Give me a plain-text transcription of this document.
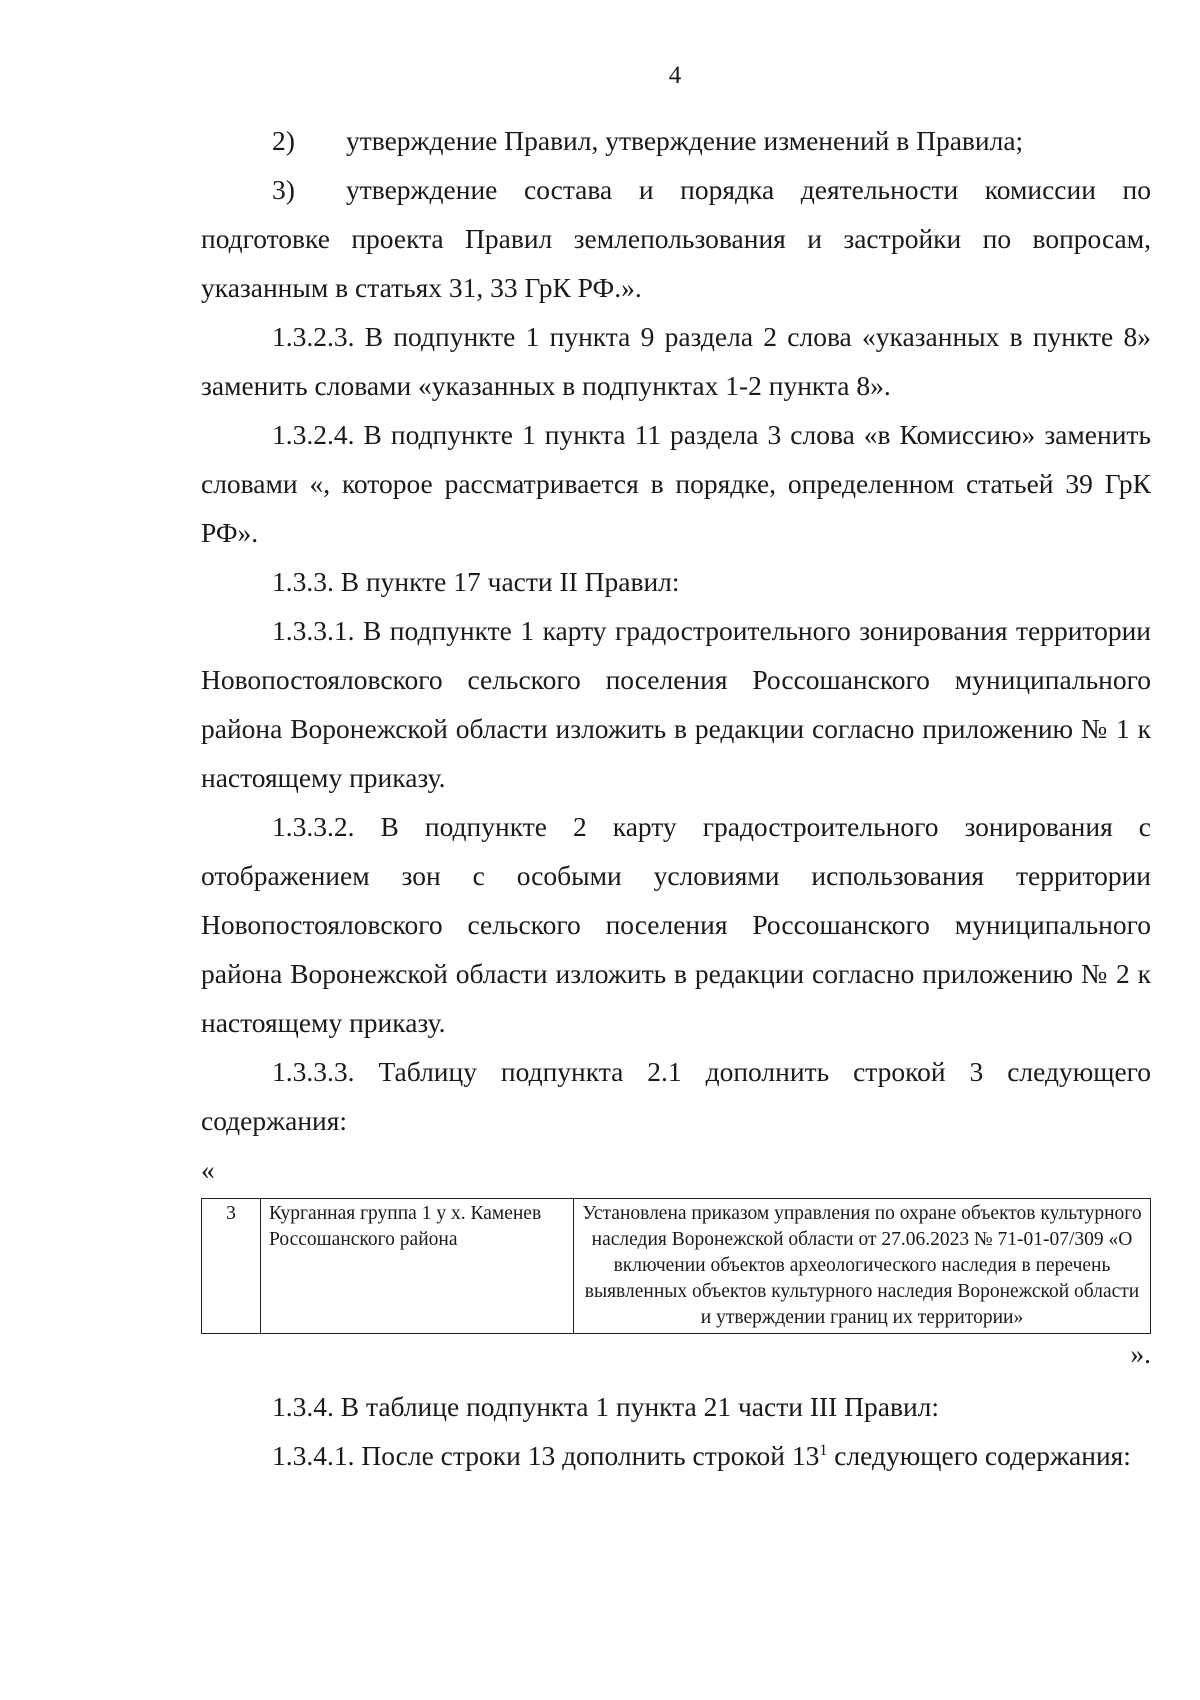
4
2)	утверждение Правил, утверждение изменений в Правила;

3) утверждение состава и порядка деятельности комиссии по подготовке проекта Правил землепользования и застройки по вопросам, указанным в статьях 31, 33 ГрК РФ.».

1.3.2.3. В подпункте 1 пункта 9 раздела 2 слова «указанных в пункте 8» заменить словами «указанных в подпунктах 1-2 пункта 8».

1.3.2.4. В подпункте 1 пункта 11 раздела 3 слова «в Комиссию» заменить словами «, которое рассматривается в порядке, определенном статьей 39 ГрК РФ».

1.3.3. В пункте 17 части II Правил:

1.3.3.1. В подпункте 1 карту градостроительного зонирования территории Новопостояловского сельского поселения Россошанского муниципального района Воронежской области изложить в редакции согласно приложению № 1 к настоящему приказу.

1.3.3.2. В подпункте 2 карту градостроительного зонирования с отображением зон с особыми условиями использования территории Новопостояловского сельского поселения Россошанского муниципального района Воронежской области изложить в редакции согласно приложению № 2 к настоящему приказу.

1.3.3.3. Таблицу подпункта 2.1 дополнить строкой 3 следующего содержания:

«

3	Курганная группа 1 у х. Каменев Россошанского района	Установлена приказом управления по охране объектов культурного наследия Воронежской области от 27.06.2023 № 71-01-07/309 «О включении объектов археологического наследия в перечень выявленных объектов культурного наследия Воронежской области и утверждении границ их территории»

».

1.3.4. В таблице подпункта 1 пункта 21 части III Правил:

1.3.4.1. После строки 13 дополнить строкой $13^1$ следующего содержания:
